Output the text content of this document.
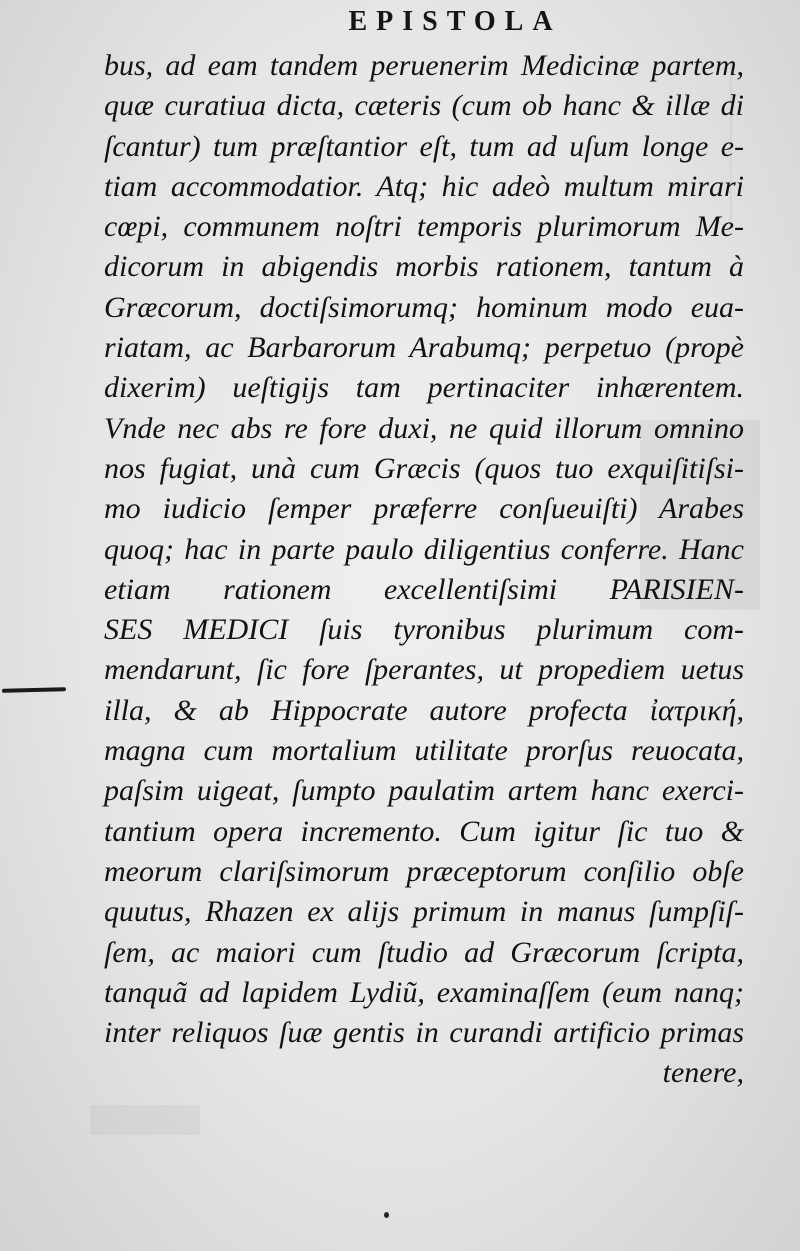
EPISTOLA
bus, ad eam tandem peruenerim Medicinæ partem,
quæ curatiua dicta, cæteris (cum ob hanc & illæ di
ſcantur) tum præſtantior eſt, tum ad uſum longe e-
tiam accommodatior. Atq; hic adeò multum mirari
cœpi, communem noſtri temporis plurimorum Me-
dicorum in abigendis morbis rationem, tantum à
Græcorum, doctiſsimorumq; hominum modo eua-
riatam, ac Barbarorum Arabumq; perpetuo (propè
dixerim) ueſtigijs tam pertinaciter inhærentem.
Vnde nec abs re fore duxi, ne quid illorum omnino
nos fugiat, unà cum Græcis (quos tuo exquiſitiſsi-
mo iudicio ſemper præferre conſueuiſti) Arabes
quoq; hac in parte paulo diligentius conferre. Hanc
etiam rationem excellentiſsimi PARISIEN-
SES MEDICI ſuis tyronibus plurimum com-
mendarunt, ſic fore ſperantes, ut propediem uetus
illa, & ab Hippocrate autore profecta ἰατρική,
magna cum mortalium utilitate prorſus reuocata,
paſsim uigeat, ſumpto paulatim artem hanc exerci-
tantium opera incremento. Cum igitur ſic tuo &
meorum clariſsimorum præceptorum conſilio obſe
quutus, Rhazen ex alijs primum in manus ſumpſiſ-
ſem, ac maiori cum ſtudio ad Græcorum ſcripta,
tanquã ad lapidem Lydiũ, examinaſſem (eum nanq;
inter reliquos ſuæ gentis in curandi artificio primas
tenere,
